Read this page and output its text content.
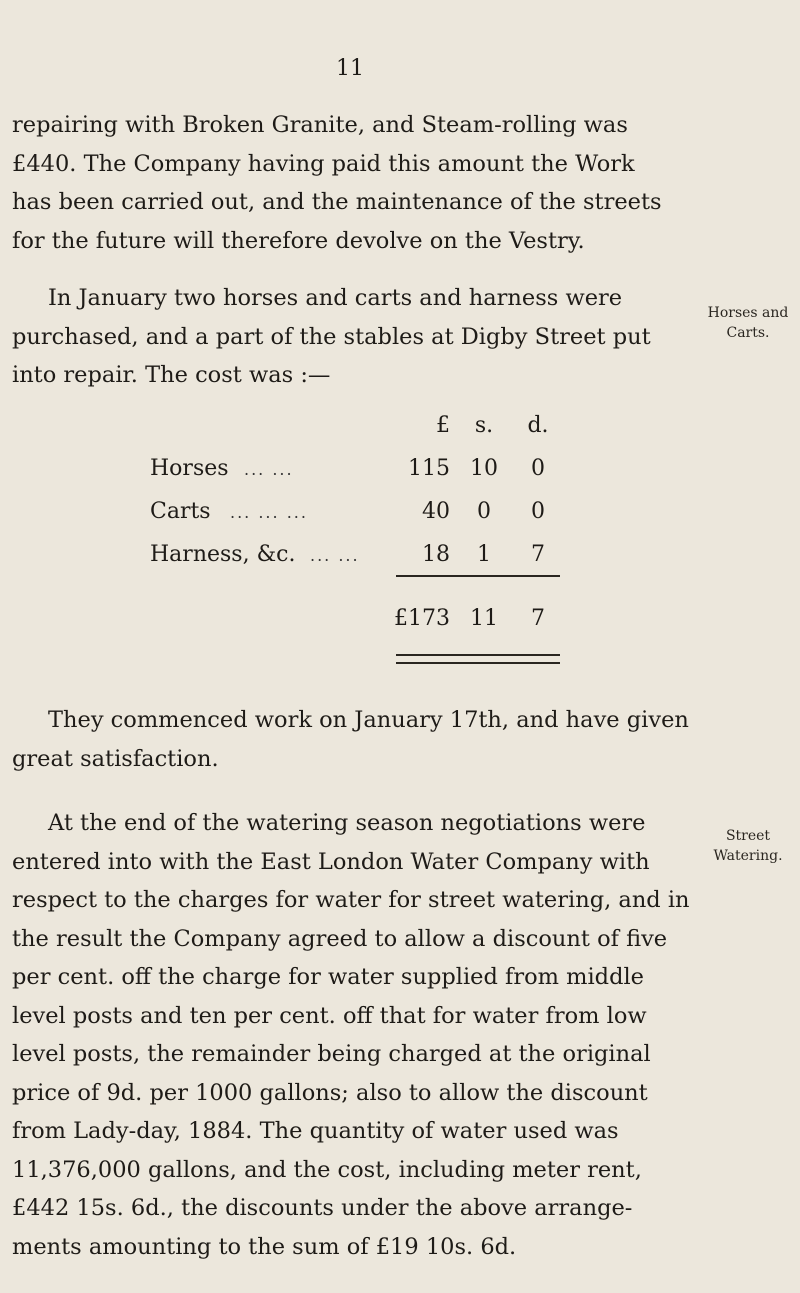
11

repairing with Broken Granite, and Steam-rolling was
£440. The Company having paid this amount the Work
has been carried out, and the maintenance of the streets
for the future will therefore devolve on the Vestry.

In January two horses and carts and harness were
purchased, and a part of the stables at Digby Street put
into repair. The cost was :—

Horses and
Carts.
£	s.	d.
Horses ... ...	115 10	0
Carts ... ... ...	40	0	0
Harness, &c. ... ...	18	1	7
£173 11	7

They commenced work on January 17th, and have given
great satisfaction.

At the end of the watering season negotiations were
entered into with the East London Water Company with
respect to the charges for water for street watering, and in
the result the Company agreed to allow a discount of five
per cent. off the charge for water supplied from middle
level posts and ten per cent. off that for water from low
level posts, the remainder being charged at the original
price of 9d. per 1000 gallons; also to allow the discount
from Lady-day, 1884. The quantity of water used was
11,376,000 gallons, and the cost, including meter rent,
£442 15s. 6d., the discounts under the above arrange-
ments amounting to the sum of £19 10s. 6d.

Street
Watering.
